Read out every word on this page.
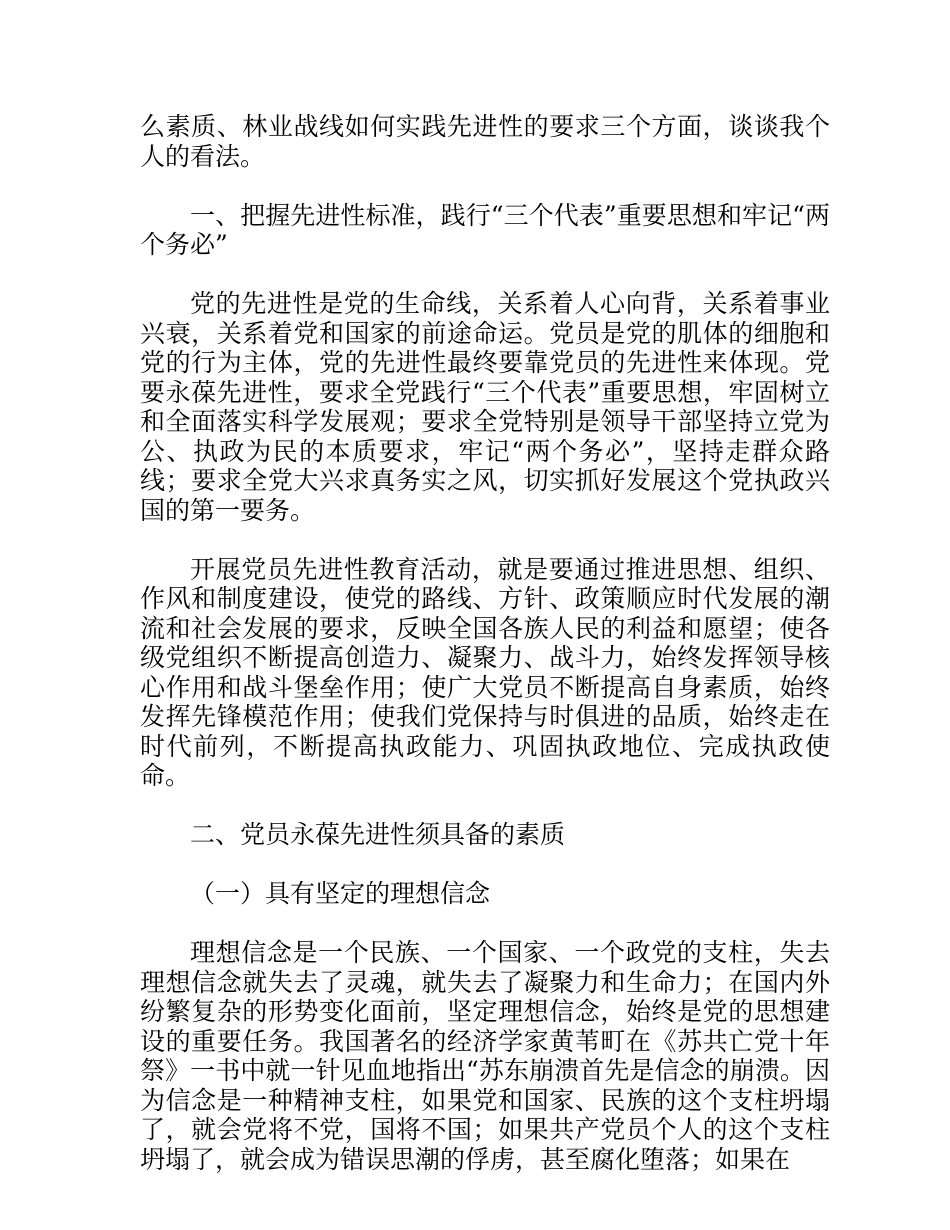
么素质、林业战线如何实践先进性的要求三个方面，谈谈我个人的看法。

一、把握先进性标准，践行“三个代表”重要思想和牢记“两个务必”

党的先进性是党的生命线，关系着人心向背，关系着事业兴衰，关系着党和国家的前途命运。党员是党的肌体的细胞和党的行为主体，党的先进性最终要靠党员的先进性来体现。党要永葆先进性，要求全党践行“三个代表”重要思想，牢固树立和全面落实科学发展观；要求全党特别是领导干部坚持立党为公、执政为民的本质要求，牢记“两个务必”，坚持走群众路线；要求全党大兴求真务实之风，切实抓好发展这个党执政兴国的第一要务。

开展党员先进性教育活动，就是要通过推进思想、组织、作风和制度建设，使党的路线、方针、政策顺应时代发展的潮流和社会发展的要求，反映全国各族人民的利益和愿望；使各级党组织不断提高创造力、凝聚力、战斗力，始终发挥领导核心作用和战斗堡垒作用；使广大党员不断提高自身素质，始终发挥先锋模范作用；使我们党保持与时俱进的品质，始终走在时代前列，不断提高执政能力、巩固执政地位、完成执政使命。

二、党员永葆先进性须具备的素质

（一）具有坚定的理想信念

理想信念是一个民族、一个国家、一个政党的支柱，失去理想信念就失去了灵魂，就失去了凝聚力和生命力；在国内外纷繁复杂的形势变化面前，坚定理想信念，始终是党的思想建设的重要任务。我国著名的经济学家黄苇町在《苏共亡党十年祭》一书中就一针见血地指出“苏东崩溃首先是信念的崩溃。因为信念是一种精神支柱，如果党和国家、民族的这个支柱坍塌了，就会党将不党，国将不国；如果共产党员个人的这个支柱坍塌了，就会成为错误思潮的俘虏，甚至腐化堕落；如果在
